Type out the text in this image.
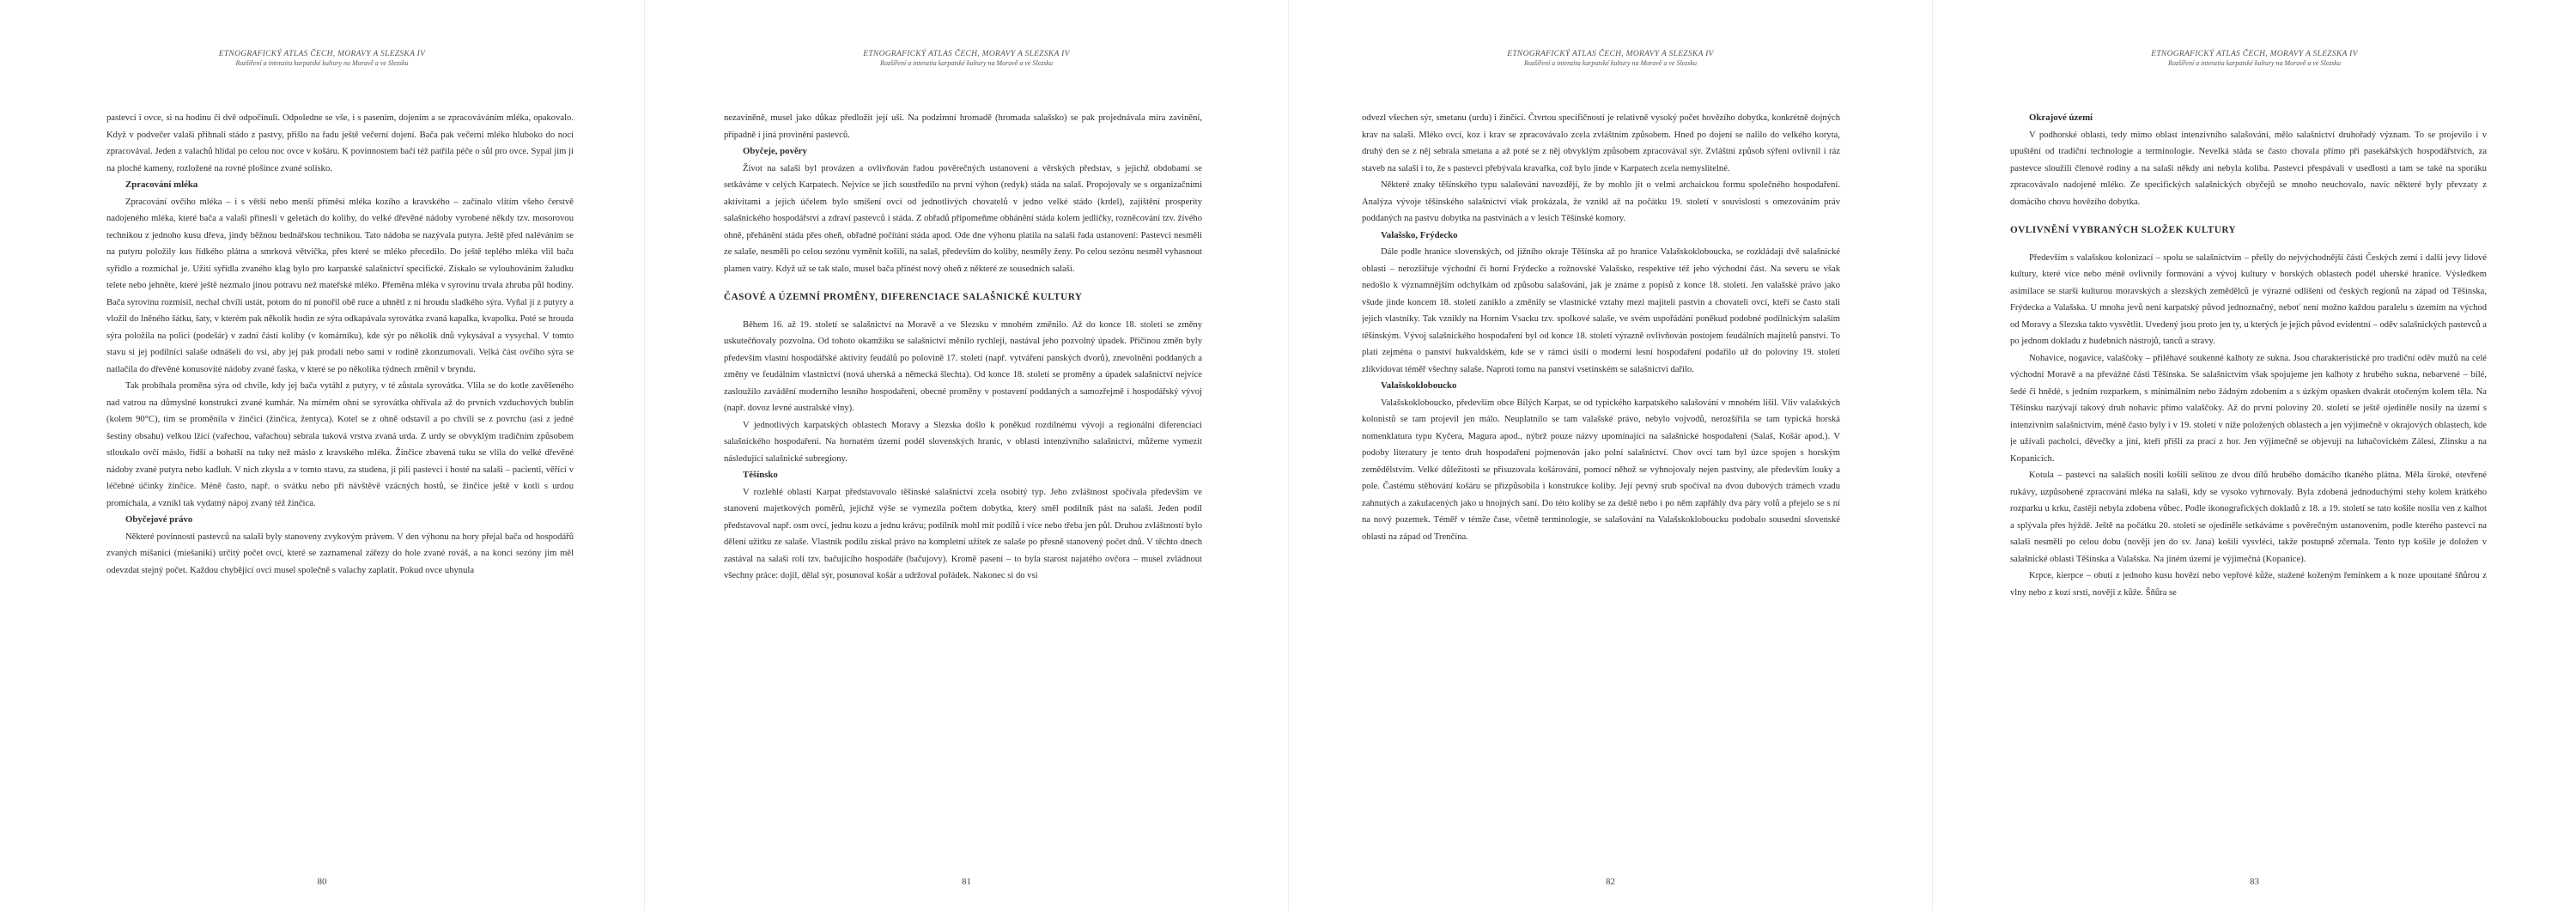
ETNOGRAFICKÝ ATLAS ČECH, MORAVY A SLEZSKA IV
Rozšíření a intenzita karpatské kultury na Moravě a ve Slezsku

pastevci i ovce, si na hodinu či dvě odpočinuli. Odpoledne se vše, i s pasením, dojením a se zpracováváním mléka, opakovalo. Když v podvečer valaši přihnali stádo z pastvy, přišlo na řadu ještě večerní dojení. Bača pak večerní mléko hluboko do noci zpracovával. Jeden z valachů hlídal po celou noc ovce v košáru. K povinnostem bačí též patřila péče o sůl pro ovce. Sypal jim ji na ploché kameny, rozložené na rovné plošince zvané solisko.

Zpracování mléka

Zpracování ovčího mléka – i s větší nebo menší příměsí mléka kozího a kravského – začínalo vlitím všeho čerstvě nadojeného mléka, které bača a valaši přinesli v geletách do koliby, do velké dřevěné nádoby vyrobené někdy tzv. mosorovou technikou z jednoho kusu dřeva, jindy běžnou bednářskou technikou. Tato nádoba se nazývala putyra. Ještě před naléváním se na putyru položily kus řídkého plátna a smrková větvička, přes které se mléko přecedilo. Do ještě teplého mléka vlil bača syřidlo a rozmíchal je. Užití syřidla zvaného klag bylo pro karpatské salašnictví specifické. Získalo se vylouhováním žaludku telete nebo jehněte, které ještě nezmalo jinou potravu než mateřské mléko. Přeměna mléka v syrovinu trvala zhruba půl hodiny. Bača syrovinu rozmísil, nechal chvíli ustát, potom do ní ponořil obě ruce a uhnětl z ní hroudu sladkého sýra. Vyňal jí z putyry a vložil do lněného šátku, šaty, v kterém pak několik hodin ze sýra odkapávala syrovátka zvaná kapalka, kvapolka. Poté se hrouda sýra položila na polici (podešár) v zadní části koliby (v komárníku), kde sýr po několik dnů vykysával a vysychal. V tomto stavu si jej podílníci salaše odnášeli do vsi, aby jej pak prodali nebo sami v rodině zkonzumovali. Velká část ovčího sýra se natlačila do dřevěné konusovité nádoby zvané faska, v které se po několika týdnech změnil v bryndu.

Tak probíhala proměna sýra od chvíle, kdy jej bača vytáhl z putyry, v té zůstala syrovátka. Vlila se do kotle zavěšeného nad vatrou na důmyslné konstrukci zvané kumhár. Na mírném ohni se syrovátka ohřívala až do prvních vzduchových bublin (kolem 90°C), tím se proměnila v žinčici (žinčica, žentyca). Kotel se z ohně odstavil a po chvíli se z povrchu (asi z jedné šestiny obsahu) velkou lžicí (vařechou, vařachou) sebrala tuková vrstva zvaná urda. Z urdy se obvyklým tradičním způsobem stloukalo ovčí máslo, řidší a bohatší na tuky než máslo z kravského mléka. Žinčice zbavená tuku se vlila do velké dřevěné nádoby zvané putyra nebo kadluh. V nich zkysla a v tomto stavu, za studena, ji pili pastevci i hosté na salaši – pacienti, věřící v léčebné účinky žinčice. Méně často, např. o svátku nebo při návštěvě vzácných hostů, se žinčice ještě v kotli s urdou promíchala, a vznikl tak vydatný nápoj zvaný též žinčica.

Obyčejové právo

Některé povinnosti pastevců na salaši byly stanoveny zvykovým právem. V den výhonu na hory přejal bača od hospodářů zvaných míšaníci (miešaniki) určitý počet ovcí, které se zaznamenal zářezy do hole zvané rováš, a na konci sezóny jim měl odevzdat stejný počet. Každou chybějící ovci musel společně s valachy zaplatit. Pokud ovce uhynula

80
ETNOGRAFICKÝ ATLAS ČECH, MORAVY A SLEZSKA IV
Rozšíření a intenzita karpatské kultury na Moravě a ve Slezsku

nezaviněně, musel jako důkaz předložit její uši. Na podzimní hromadě (hromada salašsko) se pak projednávala míra zavinění, případně i jiná provinění pastevců.

Obyčeje, pověry

Život na salaši byl provázen a ovlivňován řadou pověrečných ustanovení a věrských představ, s jejichž obdobami se setkáváme v celých Karpatech. Nejvíce se jich soustředilo na první výhon (redyk) stáda na salaš. Propojovaly se s organizačními aktivitami a jejich účelem bylo smíšení ovcí od jednotlivých chovatelů v jedno velké stádo (krdel), zajištění prosperity salašnického hospodářství a zdraví pastevců i stáda. Z obřadů připomeňme obhánění stáda kolem jedličky, rozněcování tzv. živého ohně, přehánění stáda přes oheň, obřadné počítání stáda apod. Ode dne výhonu platila na salaši řada ustanovení: Pastevci nesměli ze salaše, nesměli po celou sezónu vyměnit košili, na salaš, především do koliby, nesměly ženy. Po celou sezónu nesměl vyhasnout plamen vatry. Když už se tak stalo, musel bača přinést nový oheň z některé ze sousedních salaší.

ČASOVÉ A ÚZEMNÍ PROMĚNY, DIFERENCIACE SALAŠNICKÉ KULTURY

Během 16. až 19. století se salašnictví na Moravě a ve Slezsku v mnohém změnilo. Až do konce 18. století se změny uskutečňovaly pozvolna. Od tohoto okamžiku se salašnictví měnilo rychleji, nastával jeho pozvolný úpadek. Příčinou změn byly především vlastní hospodářské aktivity feudálů po polovině 17. století (např. vytváření panských dvorů), znevolnění poddaných a změny ve feudálním vlastnictví (nová uherská a německá šlechta). Od konce 18. století se proměny a úpadek salašnictví nejvíce zasloužilo zavádění moderního lesního hospodaření, obecné proměny v postavení poddaných a samozřejmě i hospodářský vývoj (např. dovoz levné australské vlny).

V jednotlivých karpatských oblastech Moravy a Slezska došlo k poněkud rozdílnému vývoji a regionální diferenciaci salašnického hospodaření. Na hornatém území podél slovenských hranic, v oblasti intenzivního salašnictví, můžeme vymezit následující salašnické subregiony.

Těšínsko

V rozlehlé oblasti Karpat představovalo těšínské salašnictví zcela osobitý typ. Jeho zvláštnost spočívala především ve stanovení majetkových poměrů, jejichž výše se vymezila počtem dobytka, který směl podílník pást na salaši. Jeden podíl představoval např. osm ovcí, jednu kozu a jednu krávu; podílník mohl mít podílů i více nebo třeba jen půl. Druhou zvláštností bylo dělení užitku ze salaše. Vlastník podílu získal právo na kompletní užitek ze salaše po přesně stanovený počet dnů. V těchto dnech zastával na salaši roli tzv. bačujícího hospodáře (bačujovy). Kromě pasení – to byla starost najatého ovčora – musel zvládnout všechny práce: dojil, dělal sýr, posunoval košár a udržoval pořádek. Nakonec si do vsi

81
ETNOGRAFICKÝ ATLAS ČECH, MORAVY A SLEZSKA IV
Rozšíření a intenzita karpatské kultury na Moravě a ve Slezsku

odvezl všechen sýr, smetanu (urdu) i žinčici. Čtvrtou specifičností je relativně vysoký počet hovězího dobytka, konkrétně dojných krav na salaši. Mléko ovcí, koz i krav se zpracovávalo zcela zvláštním způsobem. Hned po dojení se nalilo do velkého koryta, druhý den se z něj sebrala smetana a až poté se z něj obvyklým způsobem zpracovával sýr. Zvláštní způsob sýření ovlivnil i ráz staveb na salaši i to, že s pastevci přebývala kravařka, což bylo jinde v Karpatech zcela nemyslitelné.

Některé znaky těšínského typu salašování navozdějí, že by mohlo jít o velmi archaickou formu společného hospodaření. Analýza vývoje těšínského salašnictví však prokázala, že vznikl až na počátku 19. století v souvislosti s omezováním práv poddaných na pastvu dobytka na pastvinách a v lesích Těšínské komory.

Valašsko, Frýdecko

Dále podle hranice slovenských, od jižního okraje Těšínska až po hranice Valašskokloboucka, se rozkládají dvě salašnické oblasti – nerozšiřuje východní či horní Frýdecko a rožnovské Valašsko, respektive též jeho východní část. Na severu se však nedošlo k významnějším odchylkám od způsobu salašování, jak je známe z popisů z konce 18. století. Jen valašské právo jako všude jinde koncem 18. století zaniklo a změnily se vlastnické vztahy mezi majiteli pastvin a chovateli ovcí, kteří se často stali jejich vlastníky. Tak vznikly na Horním Vsacku tzv. spolkové salaše, ve svém uspořádání poněkud podobné podílnickým salaším těšínským. Vývoj salašnického hospodaření byl od konce 18. století výrazně ovlivňován postojem feudálních majitelů panství. To platí zejména o panství hukvaldském, kde se v rámci úsilí o moderní lesní hospodaření podařilo už do poloviny 19. století zlikvidovat téměř všechny salaše. Naproti tomu na panství vsetínském se salašnictví dařilo.

Valašskokloboucko

Valašskokloboucko, především obce Bílých Karpat, se od typického karpatského salašování v mnohém lišil. Vliv valašských kolonistů se tam projevil jen málo. Neuplatnilo se tam valašské právo, nebylo vojvodů, nerozšířila se tam typická horská nomenklatura typu Kyčera, Magura apod., nýbrž pouze názvy upomínající na salašnické hospodaření (Salaš, Košár apod.). V podoby literatury je tento druh hospodaření pojmenován jako polní salašnictví. Chov ovcí tam byl úzce spojen s horským zemědělstvím. Velké důležitosti se přisuzovala košárování, pomocí něhož se vyhnojovaly nejen pastviny, ale především louky a pole. Častému stěhování košáru se přizpůsobila i konstrukce koliby. Její pevný srub spočíval na dvou dubových trámech vzadu zahnutých a zakulacených jako u hnojných saní. Do této koliby se za deště nebo i po něm zapřáhly dva páry volů a přejelo se s ní na nový pozemek. Téměř v témže čase, včetně terminologie, se salašování na Valašskokloboucku podobalo sousední slovenské oblasti na západ od Trenčína.

82
ETNOGRAFICKÝ ATLAS ČECH, MORAVY A SLEZSKA IV
Rozšíření a intenzita karpatské kultury na Moravě a ve Slezsku
Okrajové území

V podhorské oblasti, tedy mimo oblast intenzivního salašování, mělo salašnictví druhořadý význam. To se projevilo i v upuštění od tradiční technologie a terminologie. Nevelká stáda se často chovala přímo při pasekářských hospodářstvích, za pastevce sloužili členové rodiny a na salaši někdy ani nebyla koliba. Pastevci přespávali v usedlosti a tam se také na sporáku zpracovávalo nadojené mléko. Ze specifických salašnických obyčejů se mnoho neuchovalo, navíc některé byly převzaty z domácího chovu hovězího dobytka.

OVLIVNĚNÍ VYBRANÝCH SLOŽEK KULTURY

Především s valašskou kolonizací – spolu se salašnictvím – přešly do nejvýchodnější části Českých zemí i další jevy lidové kultury, které více nebo méně ovlivnily formování a vývoj kultury v horských oblastech podél uherské hranice. Výsledkem asimilace se starší kulturou moravských a slezských zemědělců je výrazné odlišení od českých regionů na západ od Těšínska, Frýdecka a Valašska. U mnoha jevů není karpatský původ jednoznačný, neboť není možno každou paralelu s územím na východ od Moravy a Slezska takto vysvětlit. Uvedený jsou proto jen ty, u kterých je jejich původ evidentní – oděv salašnických pastevců a po jednom dokladu z hudebních nástrojů, tanců a stravy.

Nohavice, nogavice, valaščoky – přiléhavé soukenné kalhoty ze sukna. Jsou charakteristické pro tradiční oděv mužů na celé východní Moravě a na převážné části Těšínska. Se salašnictvím však spojujeme jen kalhoty z hrubého sukna, nebarvené – bílé, šedé či hnědé, s jedním rozparkem, s minimálním nebo žádným zdobením a s úzkým opasken dvakrát otočeným kolem těla. Na Těšínsku nazývají takový druh nohavic přímo valaščoky. Až do první poloviny 20. století se ještě ojediněle nosily na území s intenzivním salašnictvím, méně často byly i v 19. století v níže položených oblastech a jen výjimečně v okrajových oblastech, kde je užívali pacholci, děvečky a jiní, kteří přišli za prací z hor. Jen výjimečně se objevují na luhačovickém Zálesí, Zlínsku a na Kopanicích.

Kotula – pastevci na salaších nosili košili sešitou ze dvou dílů hrubého domácího tkaného plátna. Měla široké, otevřené rukávy, uzpůsobené zpracování mléka na salaši, kdy se vysoko vyhrnovaly. Byla zdobená jednoduchými stehy kolem krátkého rozparku u krku, častěji nebyla zdobena vůbec. Podle ikonografických dokladů z 18. a 19. století se tato košile nosila ven z kalhot a splývala přes hýždě. Ještě na počátku 20. století se ojediněle setkáváme s pověrečným ustanovením, podle kterého pastevci na salaši nesměli po celou dobu (nověji jen do sv. Jana) košili vysvléci, takže postupně zčernala. Tento typ košile je doložen v salašnické oblasti Těšínska a Valašska. Na jiném území je výjimečná (Kopanice).

Krpce, kierpce – obutí z jednoho kusu hovězí nebo vepřové kůže, stažené koženým řemínkem a k noze upoutané šňůrou z vlny nebo z kozí srsti, nověji z kůže. Šňůra se

83
